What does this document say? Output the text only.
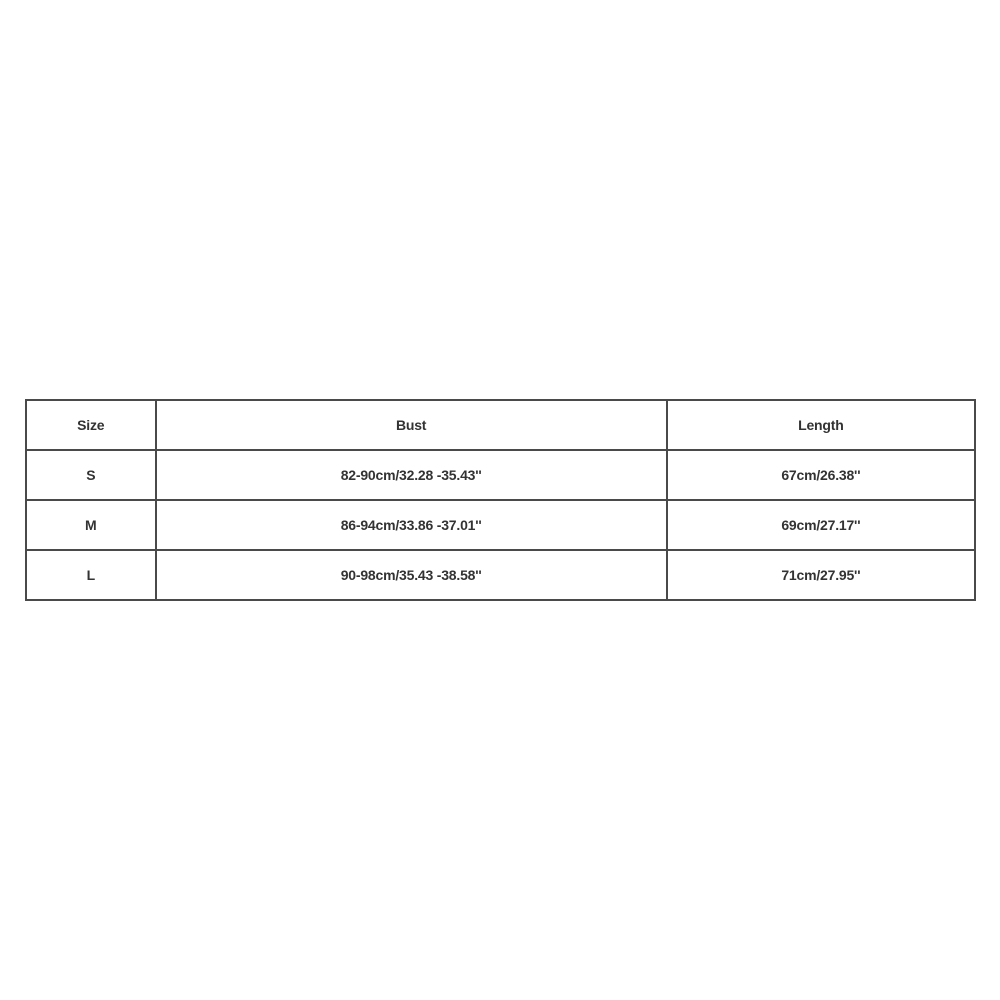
Size	Bust	Length
S	82-90cm/32.28 -35.43''	67cm/26.38''
M	86-94cm/33.86 -37.01''	69cm/27.17''
L	90-98cm/35.43 -38.58''	71cm/27.95''
